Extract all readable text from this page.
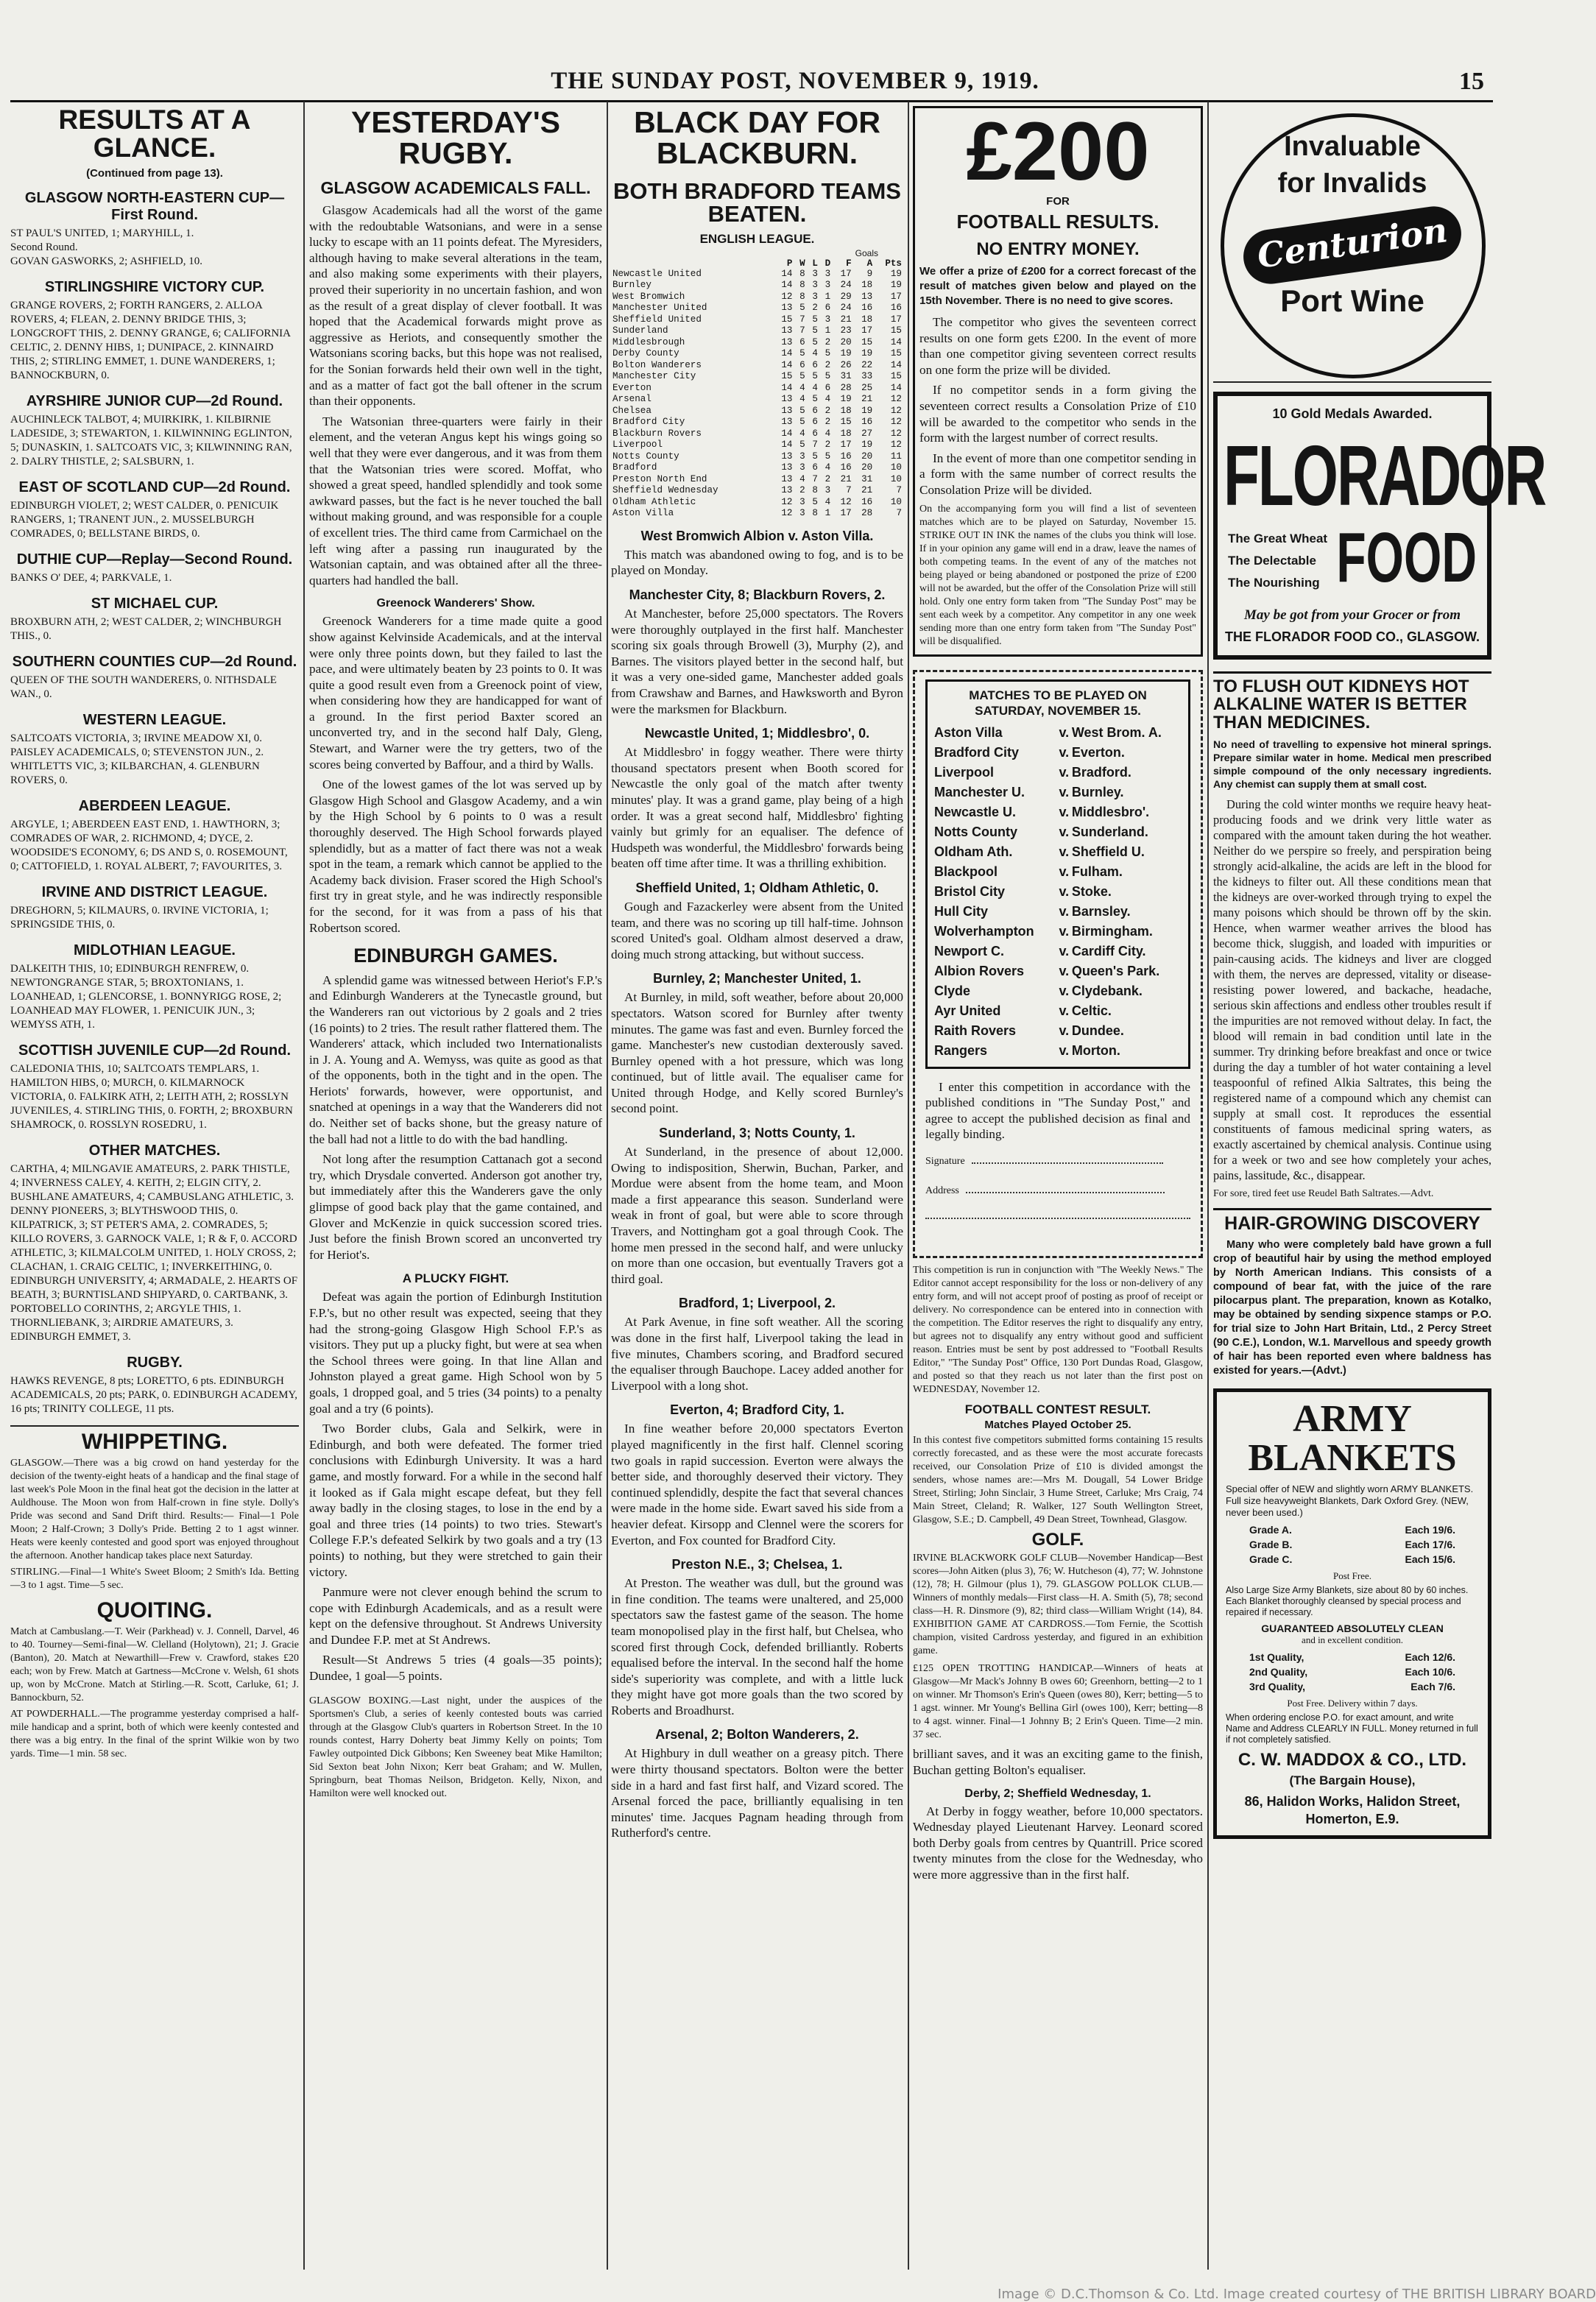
THE SUNDAY POST, NOVEMBER 9, 1919.	15
RESULTS AT A GLANCE.
(Continued from page 13).
GLASGOW NORTH-EASTERN CUP— First Round.

ST PAUL'S UNITED, 1; MARYHILL, 1.
Second Round.
GOVAN GASWORKS, 2; ASHFIELD, 10.

STIRLINGSHIRE VICTORY CUP.

GRANGE ROVERS, 2; FORTH RANGERS, 2. ALLOA ROVERS, 4; FLEAN, 2. DENNY BRIDGE THIS, 3; LONGCROFT THIS, 2. DENNY GRANGE, 6; CALIFORNIA CELTIC, 2. DENNY HIBS, 1; DUNIPACE, 2. KINNAIRD THIS, 2; STIRLING EMMET, 1. DUNE WANDERERS, 1; BANNOCKBURN, 0.

AYRSHIRE JUNIOR CUP—2d Round.

AUCHINLECK TALBOT, 4; MUIRKIRK, 1. KILBIRNIE LADESIDE, 3; STEWARTON, 1. KILWINNING EGLINTON, 5; DUNASKIN, 1. SALTCOATS VIC, 3; KILWINNING RAN, 2. DALRY THISTLE, 2; SALSBURN, 1.

EAST OF SCOTLAND CUP—2d Round.

EDINBURGH VIOLET, 2; WEST CALDER, 0. PENICUIK RANGERS, 1; TRANENT JUN., 2. MUSSELBURGH COMRADES, 0; BELLSTANE BIRDS, 0.

DUTHIE CUP—Replay—Second Round.

BANKS O' DEE, 4; PARKVALE, 1.

ST MICHAEL CUP.

BROXBURN ATH, 2; WEST CALDER, 2; WINCHBURGH THIS., 0.

SOUTHERN COUNTIES CUP—2d Round.

QUEEN OF THE SOUTH WANDERERS, 0. NITHSDALE WAN., 0.

WESTERN LEAGUE.

SALTCOATS VICTORIA, 3; IRVINE MEADOW XI, 0. PAISLEY ACADEMICALS, 0; STEVENSTON JUN., 2. WHITLETTS VIC, 3; KILBARCHAN, 4. GLENBURN ROVERS, 0.

ABERDEEN LEAGUE.

ARGYLE, 1; ABERDEEN EAST END, 1. HAWTHORN, 3; COMRADES OF WAR, 2. RICHMOND, 4; DYCE, 2. WOODSIDE'S ECONOMY, 6; DS AND S, 0. ROSEMOUNT, 0; CATTOFIELD, 1. ROYAL ALBERT, 7; FAVOURITES, 3.

IRVINE AND DISTRICT LEAGUE.

DREGHORN, 5; KILMAURS, 0. IRVINE VICTORIA, 1; SPRINGSIDE THIS, 0.

MIDLOTHIAN LEAGUE.

DALKEITH THIS, 10; EDINBURGH RENFREW, 0. NEWTONGRANGE STAR, 5; BROXTONIANS, 1. LOANHEAD, 1; GLENCORSE, 1. BONNYRIGG ROSE, 2; LOANHEAD MAY FLOWER, 1. PENICUIK JUN., 3; WEMYSS ATH, 1.

SCOTTISH JUVENILE CUP—2d Round.

CALEDONIA THIS, 10; SALTCOATS TEMPLARS, 1. HAMILTON HIBS, 0; MURCH, 0. KILMARNOCK VICTORIA, 0. FALKIRK ATH, 2; LEITH ATH, 2; ROSSLYN JUVENILES, 4. STIRLING THIS, 0. FORTH, 2; BROXBURN SHAMROCK, 0. ROSSLYN ROSEDRU, 1.

OTHER MATCHES.

CARTHA, 4; MILNGAVIE AMATEURS, 2. PARK THISTLE, 4; INVERNESS CALEY, 4. KEITH, 2; ELGIN CITY, 2. BUSHLANE AMATEURS, 4; CAMBUSLANG ATHLETIC, 3. DENNY PIONEERS, 3; BLYTHSWOOD THIS, 0. KILPATRICK, 3; ST PETER'S AMA, 2. COMRADES, 5; KILLO ROVERS, 3. GARNOCK VALE, 1; R & F, 0. ACCORD ATHLETIC, 3; KILMALCOLM UNITED, 1. HOLY CROSS, 2; CLACHAN, 1. CRAIG CELTIC, 1; INVERKEITHING, 0. EDINBURGH UNIVERSITY, 4; ARMADALE, 2. HEARTS OF BEATH, 3; BURNTISLAND SHIPYARD, 0. CARTBANK, 3. PORTOBELLO CORINTHS, 2; ARGYLE THIS, 1. THORNLIEBANK, 3; AIRDRIE AMATEURS, 3. EDINBURGH EMMET, 3.

RUGBY.

HAWKS REVENGE, 8 pts; LORETTO, 6 pts. EDINBURGH ACADEMICALS, 20 pts; PARK, 0. EDINBURGH ACADEMY, 16 pts; TRINITY COLLEGE, 11 pts.

WHIPPETING.

GLASGOW.—There was a big crowd on hand yesterday for the decision of the twenty-eight heats of a handicap and the final stage of last week's Pole Moon in the final heat got the decision in the latter at Auldhouse. The Moon won from Half-crown in fine style. Dolly's Pride was second and Sand Drift third. Results:— Final—1 Pole Moon; 2 Half-Crown; 3 Dolly's Pride. Betting 2 to 1 agst winner. Heats were keenly contested and good sport was enjoyed throughout the afternoon. Another handicap takes place next Saturday.

STIRLING.—Final—1 White's Sweet Bloom; 2 Smith's Ida. Betting—3 to 1 agst. Time—5 sec.

QUOITING.

Match at Cambuslang.—T. Weir (Parkhead) v. J. Connell, Darvel, 46 to 40. Tourney—Semi-final—W. Clelland (Holytown), 21; J. Gracie (Banton), 20. Match at Newarthill—Frew v. Crawford, stakes £20 each; won by Frew. Match at Gartness—McCrone v. Welsh, 61 shots up, won by McCrone. Match at Stirling.—R. Scott, Carluke, 61; J. Bannockburn, 52.

AT POWDERHALL.—The programme yesterday comprised a half-mile handicap and a sprint, both of which were keenly contested and there was a big entry. In the final of the sprint Wilkie won by two yards. Time—1 min. 58 sec.

YESTERDAY'S RUGBY.
GLASGOW ACADEMICALS FALL.

Glasgow Academicals had all the worst of the game with the redoubtable Watsonians, and were in a sense lucky to escape with an 11 points defeat. The Myresiders, although having to make several alterations in the team, and also making some experiments with their players, proved their superiority in no uncertain fashion, and won as the result of a great display of clever football. It was hoped that the Academical forwards might prove as aggressive as Heriots, and consequently smother the Watsonians scoring backs, but this hope was not realised, for the Sonian forwards held their own well in the tight, and as a matter of fact got the ball oftener in the scrum than their opponents.

The Watsonian three-quarters were fairly in their element, and the veteran Angus kept his wings going so well that they were ever dangerous, and it was from them that the Watsonian tries were scored. Moffat, who showed a great speed, handled splendidly and took some awkward passes, but the fact is he never touched the ball without making ground, and was responsible for a couple of excellent tries. The third came from Carmichael on the left wing after a passing run inaugurated by the Watsonian captain, and was obtained after all the three-quarters had handled the ball.

Greenock Wanderers' Show.

Greenock Wanderers for a time made quite a good show against Kelvinside Academicals, and at the interval were only three points down, but they failed to last the pace, and were ultimately beaten by 23 points to 0. It was quite a good result even from a Greenock point of view, when considering how they are handicapped for want of a ground. In the first period Baxter scored an unconverted try, and in the second half Daly, Gleng, Stewart, and Warner were the try getters, two of the scores being converted by Baffour, and a third by Walls.

One of the lowest games of the lot was served up by Glasgow High School and Glasgow Academy, and a win by the High School by 6 points to 0 was a result thoroughly deserved. The High School forwards played splendidly, but as a matter of fact there was not a weak spot in the team, a remark which cannot be applied to the Academy back division. Fraser scored the High School's first try in great style, and he was indirectly responsible for the second, for it was from a pass of his that Robertson scored.

EDINBURGH GAMES.

A splendid game was witnessed between Heriot's F.P.'s and Edinburgh Wanderers at the Tynecastle ground, but the Wanderers ran out victorious by 2 goals and 2 tries (16 points) to 2 tries. The result rather flattered them. The Wanderers' attack, which included two Internationalists in J. A. Young and A. Wemyss, was quite as good as that of the opponents, both in the tight and in the open. The Heriots' forwards, however, were opportunist, and snatched at openings in a way that the Wanderers did not do. Neither set of backs shone, but the greasy nature of the ball had not a little to do with the bad handling.

Not long after the resumption Cattanach got a second try, which Drysdale converted. Anderson got another try, but immediately after this the Wanderers gave the only glimpse of good back play that the game contained, and Glover and McKenzie in quick succession scored tries. Just before the finish Brown scored an unconverted try for Heriot's.

A PLUCKY FIGHT.

Defeat was again the portion of Edinburgh Institution F.P.'s, but no other result was expected, seeing that they had the strong-going Glasgow High School F.P.'s as visitors. They put up a plucky fight, but were at sea when the School threes were going. In that line Allan and Johnston played a great game. High School won by 5 goals, 1 dropped goal, and 5 tries (34 points) to a penalty goal and a try (6 points).

Two Border clubs, Gala and Selkirk, were in Edinburgh, and both were defeated. The former tried conclusions with Edinburgh University. It was a hard game, and mostly forward. For a while in the second half it looked as if Gala might escape defeat, but they fell away badly in the closing stages, to lose in the end by a goal and three tries (14 points) to two tries. Stewart's College F.P.'s defeated Selkirk by two goals and a try (13 points) to nothing, but they were stretched to gain their victory.

Panmure were not clever enough behind the scrum to cope with Edinburgh Academicals, and as a result were kept on the defensive throughout. St Andrews University and Dundee F.P. met at St Andrews.

Result—St Andrews 5 tries (4 goals—35 points); Dundee, 1 goal—5 points.

GLASGOW BOXING.—Last night, under the auspices of the Sportsmen's Club, a series of keenly contested bouts was carried through at the Glasgow Club's quarters in Robertson Street. In the 10 rounds contest, Harry Doherty beat Jimmy Kelly on points; Tom Fawley outpointed Dick Gibbons; Ken Sweeney beat Mike Hamilton; Sid Sexton beat John Nixon; Kerr beat Graham; and W. Mullen, Springburn, beat Thomas Neilson, Bridgeton. Kelly, Nixon, and Hamilton were well knocked out.

BLACK DAY FOR BLACKBURN.
BOTH BRADFORD TEAMS BEATEN.
ENGLISH LEAGUE.
Goals
	P	W	L	D	F	A	Pts
Newcastle United	14	8	3	3	17	9	19
Burnley	14	8	3	3	24	18	19
West Bromwich	12	8	3	1	29	13	17
Manchester United	13	5	2	6	24	16	16
Sheffield United	15	7	5	3	21	18	17
Sunderland	13	7	5	1	23	17	15
Middlesbrough	13	6	5	2	20	15	14
Derby County	14	5	4	5	19	19	15
Bolton Wanderers	14	6	6	2	26	22	14
Manchester City	15	5	5	5	31	33	15
Everton	14	4	4	6	28	25	14
Arsenal	13	4	5	4	19	21	12
Chelsea	13	5	6	2	18	19	12
Bradford City	13	5	6	2	15	16	12
Blackburn Rovers	14	4	6	4	18	27	12
Liverpool	14	5	7	2	17	19	12
Notts County	13	3	5	5	16	20	11
Bradford	13	3	6	4	16	20	10
Preston North End	13	4	7	2	21	31	10
Sheffield Wednesday	13	2	8	3	7	21	7
Oldham Athletic	12	3	5	4	12	16	10
Aston Villa	12	3	8	1	17	28	7
West Bromwich Albion v. Aston Villa.

This match was abandoned owing to fog, and is to be played on Monday.

Manchester City, 8; Blackburn Rovers, 2.

At Manchester, before 25,000 spectators. The Rovers were thoroughly outplayed in the first half. Manchester scoring six goals through Browell (3), Murphy (2), and Barnes. The visitors played better in the second half, but it was a very one-sided game, Manchester added goals from Crawshaw and Barnes, and Hawksworth and Byron were the marksmen for Blackburn.

Newcastle United, 1; Middlesbro', 0.

At Middlesbro' in foggy weather. There were thirty thousand spectators present when Booth scored for Newcastle the only goal of the match after twenty minutes' play. It was a grand game, play being of a high order. It was a great second half, Middlesbro' fighting vainly but grimly for an equaliser. The defence of Hudspeth was wonderful, the Middlesbro' forwards being beaten off time after time. It was a thrilling exhibition.

Sheffield United, 1; Oldham Athletic, 0.

Gough and Fazackerley were absent from the United team, and there was no scoring up till half-time. Johnson scored United's goal. Oldham almost deserved a draw, doing much strong attacking, but without success.

Burnley, 2; Manchester United, 1.

At Burnley, in mild, soft weather, before about 20,000 spectators. Watson scored for Burnley after twenty minutes. The game was fast and even. Burnley forced the game. Manchester's new custodian dexterously saved. Burnley opened with a hot pressure, which was long continued, but of little avail. The equaliser came for United through Hodge, and Kelly scored Burnley's second point.

Sunderland, 3; Notts County, 1.

At Sunderland, in the presence of about 12,000. Owing to indisposition, Sherwin, Buchan, Parker, and Mordue were absent from the home team, and Moon made a first appearance this season. Sunderland were weak in front of goal, but were able to score through Travers, and Nottingham got a goal through Cook. The home men pressed in the second half, and were unlucky on more than one occasion, but eventually Travers got a third goal.

Bradford, 1; Liverpool, 2.

At Park Avenue, in fine soft weather. All the scoring was done in the first half, Liverpool taking the lead in five minutes, Chambers scoring, and Bradford secured the equaliser through Bauchope. Lacey added another for Liverpool with a long shot.

Everton, 4; Bradford City, 1.

In fine weather before 20,000 spectators Everton played magnificently in the first half. Clennel scoring two goals in rapid succession. Everton were always the better side, and thoroughly deserved their victory. They continued splendidly, despite the fact that several chances were made in the home side. Ewart saved his side from a heavier defeat. Kirsopp and Clennel were the scorers for Everton, and Fox counted for Bradford City.

Preston N.E., 3; Chelsea, 1.

At Preston. The weather was dull, but the ground was in fine condition. The teams were unaltered, and 25,000 spectators saw the fastest game of the season. The home team monopolised play in the first half, but Chelsea, who scored first through Cock, defended brilliantly. Roberts equalised before the interval. In the second half the home side's superiority was complete, and with a little luck they might have got more goals than the two scored by Roberts and Broadhurst.

Arsenal, 2; Bolton Wanderers, 2.

At Highbury in dull weather on a greasy pitch. There were thirty thousand spectators. Bolton were the better side in a hard and fast first half, and Vizard scored. The Arsenal forced the pace, brilliantly equalising in ten minutes' time. Jacques Pagnam heading through from Rutherford's centre.

£200
FOR
FOOTBALL RESULTS.
NO ENTRY MONEY.

We offer a prize of £200 for a correct forecast of the result of matches given below and played on the 15th November. There is no need to give scores.

The competitor who gives the seventeen correct results on one form gets £200. In the event of more than one competitor giving seventeen correct results on one form the prize will be divided.

If no competitor sends in a form giving the seventeen correct results a Consolation Prize of £10 will be awarded to the competitor who sends in the form with the largest number of correct results.

In the event of more than one competitor sending in a form with the same number of correct results the Consolation Prize will be divided.

On the accompanying form you will find a list of seventeen matches which are to be played on Saturday, November 15. STRIKE OUT IN INK the names of the clubs you think will lose. If in your opinion any game will end in a draw, leave the names of both competing teams. In the event of any of the matches not being played or being abandoned or postponed the prize of £200 will not be awarded, but the offer of the Consolation Prize will still hold. Only one entry form taken from "The Sunday Post" may be sent each week by a competitor. Any competitor in any one week sending more than one entry form taken from "The Sunday Post" will be disqualified.

MATCHES TO BE PLAYED ON SATURDAY, NOVEMBER 15.
Aston Villa	v.	West Brom. A.
Bradford City	v.	Everton.
Liverpool	v.	Bradford.
Manchester U.	v.	Burnley.
Newcastle U.	v.	Middlesbro'.
Notts County	v.	Sunderland.
Oldham Ath.	v.	Sheffield U.
Blackpool	v.	Fulham.
Bristol City	v.	Stoke.
Hull City	v.	Barnsley.
Wolverhampton	v.	Birmingham.
Newport C.	v.	Cardiff City.
Albion Rovers	v.	Queen's Park.
Clyde	v.	Clydebank.
Ayr United	v.	Celtic.
Raith Rovers	v.	Dundee.
Rangers	v.	Morton.

I enter this competition in accordance with the published conditions in "The Sunday Post," and agree to accept the published decision as final and legally binding.

Signature
Address

This competition is run in conjunction with "The Weekly News." The Editor cannot accept responsibility for the loss or non-delivery of any entry form, and will not accept proof of posting as proof of receipt or delivery. No correspondence can be entered into in connection with the competition. The Editor reserves the right to disqualify any entry, but agrees not to disqualify any entry without good and sufficient reason. Entries must be sent by post addressed to "Football Results Editor," "The Sunday Post" Office, 130 Port Dundas Road, Glasgow, and posted so that they reach us not later than the first post on WEDNESDAY, November 12.

FOOTBALL CONTEST RESULT.
Matches Played October 25.

In this contest five competitors submitted forms containing 15 results correctly forecasted, and as these were the most accurate forecasts received, our Consolation Prize of £10 is divided amongst the senders, whose names are:—Mrs M. Dougall, 54 Lower Bridge Street, Stirling; John Sinclair, 3 Hume Street, Carluke; Mrs Craig, 74 Main Street, Cleland; R. Walker, 127 South Wellington Street, Glasgow, S.E.; D. Campbell, 49 Dean Street, Townhead, Glasgow.

GOLF.

IRVINE BLACKWORK GOLF CLUB—November Handicap—Best scores—John Aitken (plus 3), 76; W. Hutcheson (4), 77; W. Johnstone (12), 78; H. Gilmour (plus 1), 79. GLASGOW POLLOK CLUB.—Winners of monthly medals—First class—H. A. Smith (5), 78; second class—H. R. Dinsmore (9), 82; third class—William Wright (14), 84. EXHIBITION GAME AT CARDROSS.—Tom Fernie, the Scottish champion, visited Cardross yesterday, and figured in an exhibition game.

£125 OPEN TROTTING HANDICAP.—Winners of heats at Glasgow—Mr Mack's Johnny B owes 60; Greenhorn, betting—2 to 1 on winner. Mr Thomson's Erin's Queen (owes 80), Kerr; betting—5 to 1 agst. winner. Mr Young's Bellina Girl (owes 100), Kerr; betting—8 to 4 agst. winner. Final—1 Johnny B; 2 Erin's Queen. Time—2 min. 37 sec.

brilliant saves, and it was an exciting game to the finish, Buchan getting Bolton's equaliser.

Derby, 2; Sheffield Wednesday, 1.

At Derby in foggy weather, before 10,000 spectators. Wednesday played Lieutenant Harvey. Leonard scored both Derby goals from centres by Quantrill. Price scored twenty minutes from the close for the Wednesday, who were more aggressive than in the first half.

Invaluable
for Invalids
Centurion
Port Wine
10 Gold Medals Awarded.
FLORADOR
The Great Wheat
The Delectable
The Nourishing FOOD
May be got from your Grocer or from
THE FLORADOR FOOD CO., GLASGOW.
TO FLUSH OUT KIDNEYS HOT ALKALINE WATER IS BETTER THAN MEDICINES.

No need of travelling to expensive hot mineral springs. Prepare similar water in home. Medical men prescribed simple compound of the only necessary ingredients. Any chemist can supply them at small cost.

During the cold winter months we require heavy heat-producing foods and we drink very little water as compared with the amount taken during the hot weather. Neither do we perspire so freely, and perspiration being strongly acid-alkaline, the acids are left in the blood for the kidneys to filter out. All these conditions mean that the kidneys are over-worked through trying to expel the many poisons which should be thrown off by the skin. Hence, when warmer weather arrives the blood has become thick, sluggish, and loaded with impurities or pain-causing acids. The kidneys and liver are clogged with them, the nerves are depressed, vitality or disease-resisting power lowered, and backache, headache, serious skin affections and endless other troubles result if the impurities are not removed without delay. In fact, the blood will remain in bad condition until late in the summer. Try drinking before breakfast and once or twice during the day a tumbler of hot water containing a level teaspoonful of refined Alkia Saltrates, this being the registered name of a compound which any chemist can supply at small cost. It reproduces the essential constituents of famous medicinal spring waters, as exactly ascertained by chemical analysis. Continue using for a week or two and see how completely your aches, pains, lassitude, &c., disappear.

For sore, tired feet use Reudel Bath Saltrates.—Advt.

HAIR-GROWING DISCOVERY

Many who were completely bald have grown a full crop of beautiful hair by using the method employed by North American Indians. This consists of a compound of bear fat, with the juice of the rare pilocarpus plant. The preparation, known as Kotalko, may be obtained by sending sixpence stamps or P.O. for trial size to John Hart Britain, Ltd., 2 Percy Street (90 C.E.), London, W.1. Marvellous and speedy growth of hair has been reported even where baldness has existed for years.—(Advt.)

ARMY
BLANKETS

Special offer of NEW and slightly worn ARMY BLANKETS. Full size heavyweight Blankets, Dark Oxford Grey. (NEW, never been used.)

Grade A.	Each 19/6.
Grade B.	Each 17/6.
Grade C.	Each 15/6.
Post Free.

Also Large Size Army Blankets, size about 80 by 60 inches. Each Blanket thoroughly cleansed by special process and repaired if necessary.

GUARANTEED ABSOLUTELY CLEAN
and in excellent condition.
1st Quality,	Each 12/6.
2nd Quality,	Each 10/6.
3rd Quality,	Each 7/6.
Post Free. Delivery within 7 days.

When ordering enclose P.O. for exact amount, and write Name and Address CLEARLY IN FULL. Money returned in full if not completely satisfied.

C. W. MADDOX & CO., LTD.
(The Bargain House),
86, Halidon Works, Halidon Street, Homerton, E.9.
Image © D.C.Thomson & Co. Ltd. Image created courtesy of THE BRITISH LIBRARY BOARD
